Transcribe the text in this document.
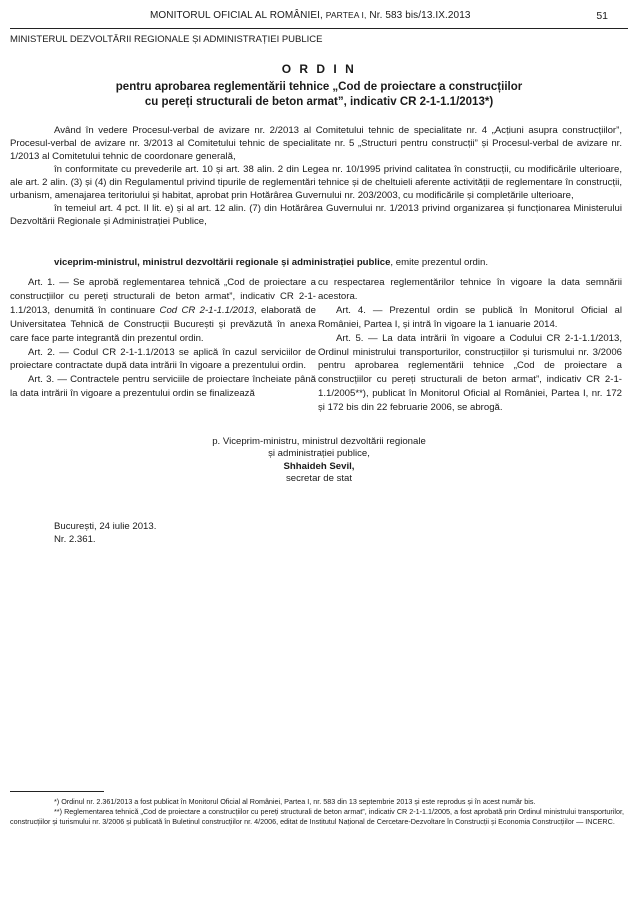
MONITORUL OFICIAL AL ROMÂNIEI, PARTEA I, Nr. 583 bis/13.IX.2013	51
MINISTERUL DEZVOLTĂRII REGIONALE ȘI ADMINISTRAȚIEI PUBLICE
O R D I N
pentru aprobarea reglementării tehnice „Cod de proiectare a construcțiilor
cu pereți structurali de beton armat”, indicativ CR 2-1-1.1/2013*)

Având în vedere Procesul-verbal de avizare nr. 2/2013 al Comitetului tehnic de specialitate nr. 4 „Acțiuni asupra construcțiilor”, Procesul-verbal de avizare nr. 3/2013 al Comitetului tehnic de specialitate nr. 5 „Structuri pentru construcții” și Procesul-verbal de avizare nr. 1/2013 al Comitetului tehnic de coordonare generală,

în conformitate cu prevederile art. 10 și art. 38 alin. 2 din Legea nr. 10/1995 privind calitatea în construcții, cu modificările ulterioare, ale art. 2 alin. (3) și (4) din Regulamentul privind tipurile de reglementări tehnice și de cheltuieli aferente activității de reglementare în construcții, urbanism, amenajarea teritoriului și habitat, aprobat prin Hotărârea Guvernului nr. 203/2003, cu modificările și completările ulterioare,

în temeiul art. 4 pct. II lit. e) și al art. 12 alin. (7) din Hotărârea Guvernului nr. 1/2013 privind organizarea și funcționarea Ministerului Dezvoltării Regionale și Administrației Publice,

viceprim-ministrul, ministrul dezvoltării regionale și administrației publice, emite prezentul ordin.

Art. 1. — Se aprobă reglementarea tehnică „Cod de proiectare a construcțiilor cu pereți structurali de beton armat”, indicativ CR 2-1-1.1/2013, denumită în continuare Cod CR 2-1-1.1/2013, elaborată de Universitatea Tehnică de Construcții București și prevăzută în anexa care face parte integrantă din prezentul ordin.

Art. 2. — Codul CR 2-1-1.1/2013 se aplică în cazul serviciilor de proiectare contractate după data intrării în vigoare a prezentului ordin.

Art. 3. — Contractele pentru serviciile de proiectare încheiate până la data intrării în vigoare a prezentului ordin se finalizează

cu respectarea reglementărilor tehnice în vigoare la data semnării acestora.

Art. 4. — Prezentul ordin se publică în Monitorul Oficial al României, Partea I, și intră în vigoare la 1 ianuarie 2014.

Art. 5. — La data intrării în vigoare a Codului CR 2-1-1.1/2013, Ordinul ministrului transporturilor, construcțiilor și turismului nr. 3/2006 pentru aprobarea reglementării tehnice „Cod de proiectare a construcțiilor cu pereți structurali de beton armat”, indicativ CR 2-1-1.1/2005**), publicat în Monitorul Oficial al României, Partea I, nr. 172 și 172 bis din 22 februarie 2006, se abrogă.

p. Viceprim-ministru, ministrul dezvoltării regionale
și administrației publice,
Shhaideh Sevil,
secretar de stat
București, 24 iulie 2013.
Nr. 2.361.

*) Ordinul nr. 2.361/2013 a fost publicat în Monitorul Oficial al României, Partea I, nr. 583 din 13 septembrie 2013 și este reprodus și în acest număr bis.

**) Reglementarea tehnică „Cod de proiectare a construcțiilor cu pereți structurali de beton armat”, indicativ CR 2-1-1.1/2005, a fost aprobată prin Ordinul ministrului transporturilor, construcțiilor și turismului nr. 3/2006 și publicată în Buletinul construcțiilor nr. 4/2006, editat de Institutul Național de Cercetare-Dezvoltare în Construcții și Economia Construcțiilor — INCERC.
